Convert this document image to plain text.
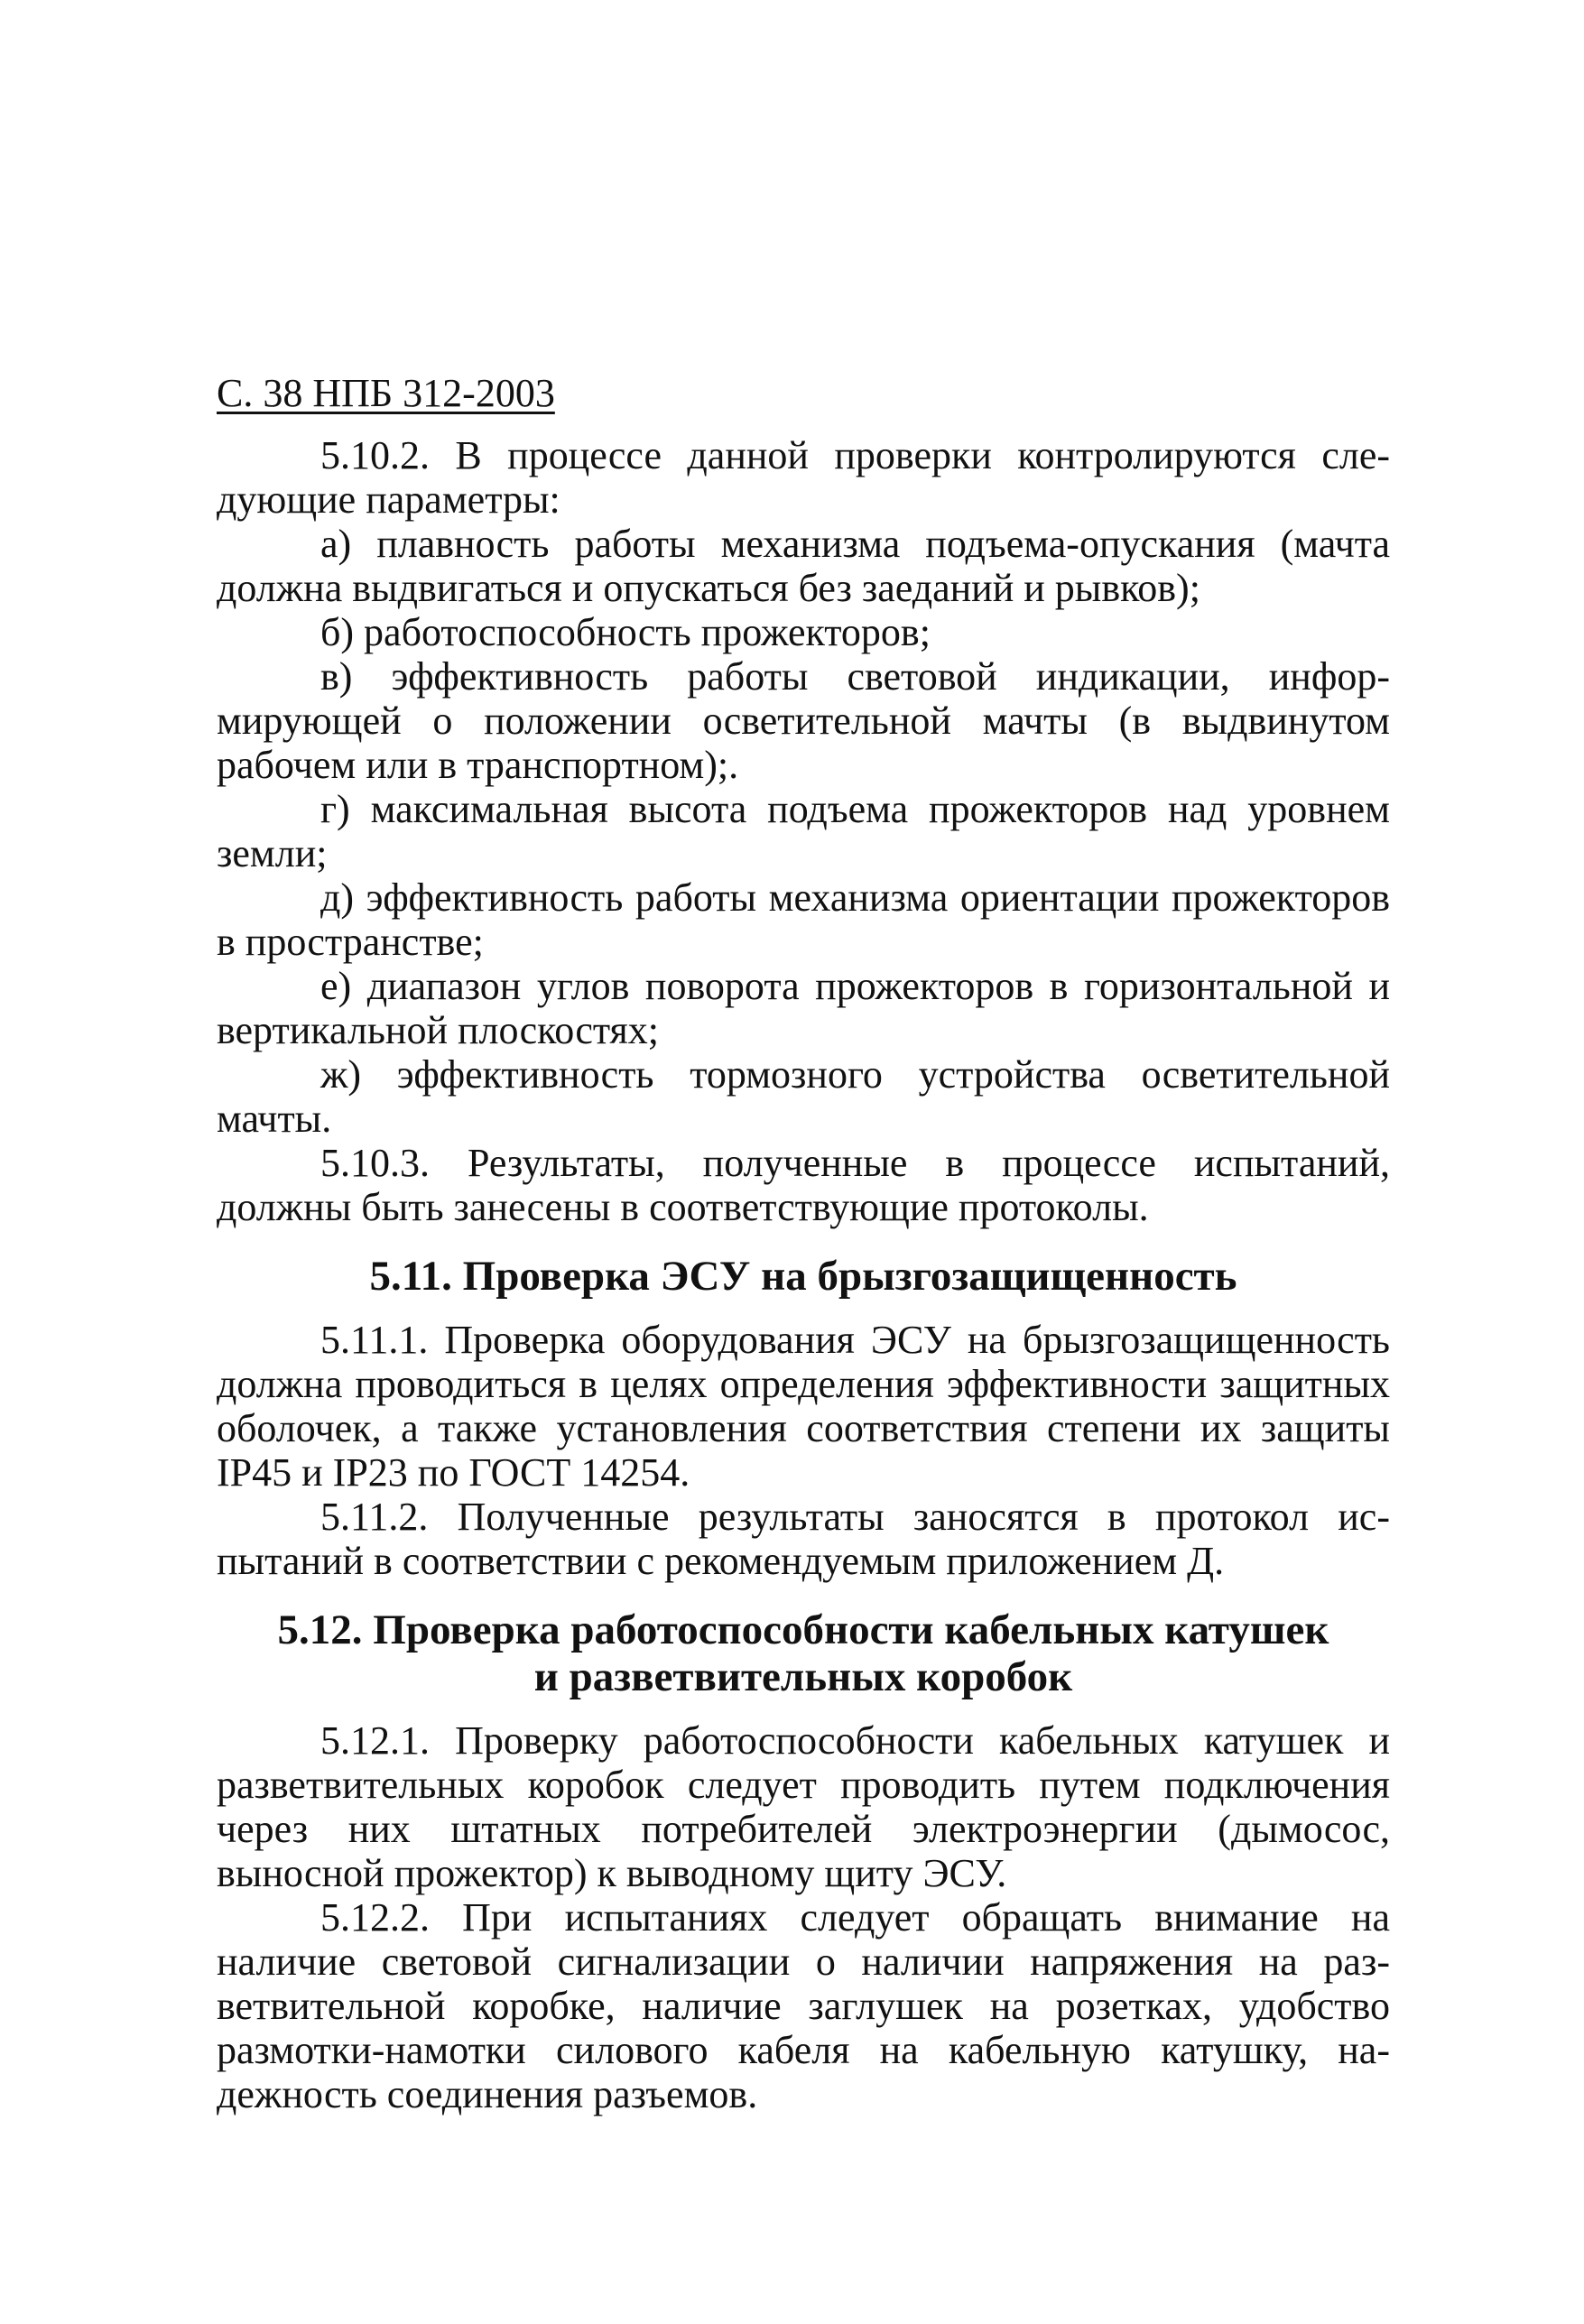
С. 38 НПБ 312-2003

5.10.2. В процессе данной проверки контролируются следующие параметры:

а) плавность работы механизма подъема-опускания (мачта должна выдвигаться и опускаться без заеданий и рывков);

б) работоспособность прожекторов;

в) эффективность работы световой индикации, информирующей о положении осветительной мачты (в выдвинутом рабочем или в транспортном);.

г) максимальная высота подъема прожекторов над уровнем земли;

д) эффективность работы механизма ориентации прожекторов в пространстве;

е) диапазон углов поворота прожекторов в горизонтальной и вертикальной плоскостях;

ж) эффективность тормозного устройства осветительной мачты.

5.10.3. Результаты, полученные в процессе испытаний, должны быть занесены в соответствующие протоколы.

5.11. Проверка ЭСУ на брызгозащищенность

5.11.1. Проверка оборудования ЭСУ на брызгозащищенность должна проводиться в целях определения эффективности защитных оболочек, а также установления соответствия степени их защиты IP45 и IP23 по ГОСТ 14254.

5.11.2. Полученные результаты заносятся в протокол испытаний в соответствии с рекомендуемым приложением Д.

5.12. Проверка работоспособности кабельных катушек
и разветвительных коробок

5.12.1. Проверку работоспособности кабельных катушек и разветвительных коробок следует проводить путем подключения через них штатных потребителей электроэнергии (дымосос, выносной прожектор) к выводному щиту ЭСУ.

5.12.2. При испытаниях следует обращать внимание на наличие световой сигнализации о наличии напряжения на разветвительной коробке, наличие заглушек на розетках, удобство размотки-намотки силового кабеля на кабельную катушку, надежность соединения разъемов.
